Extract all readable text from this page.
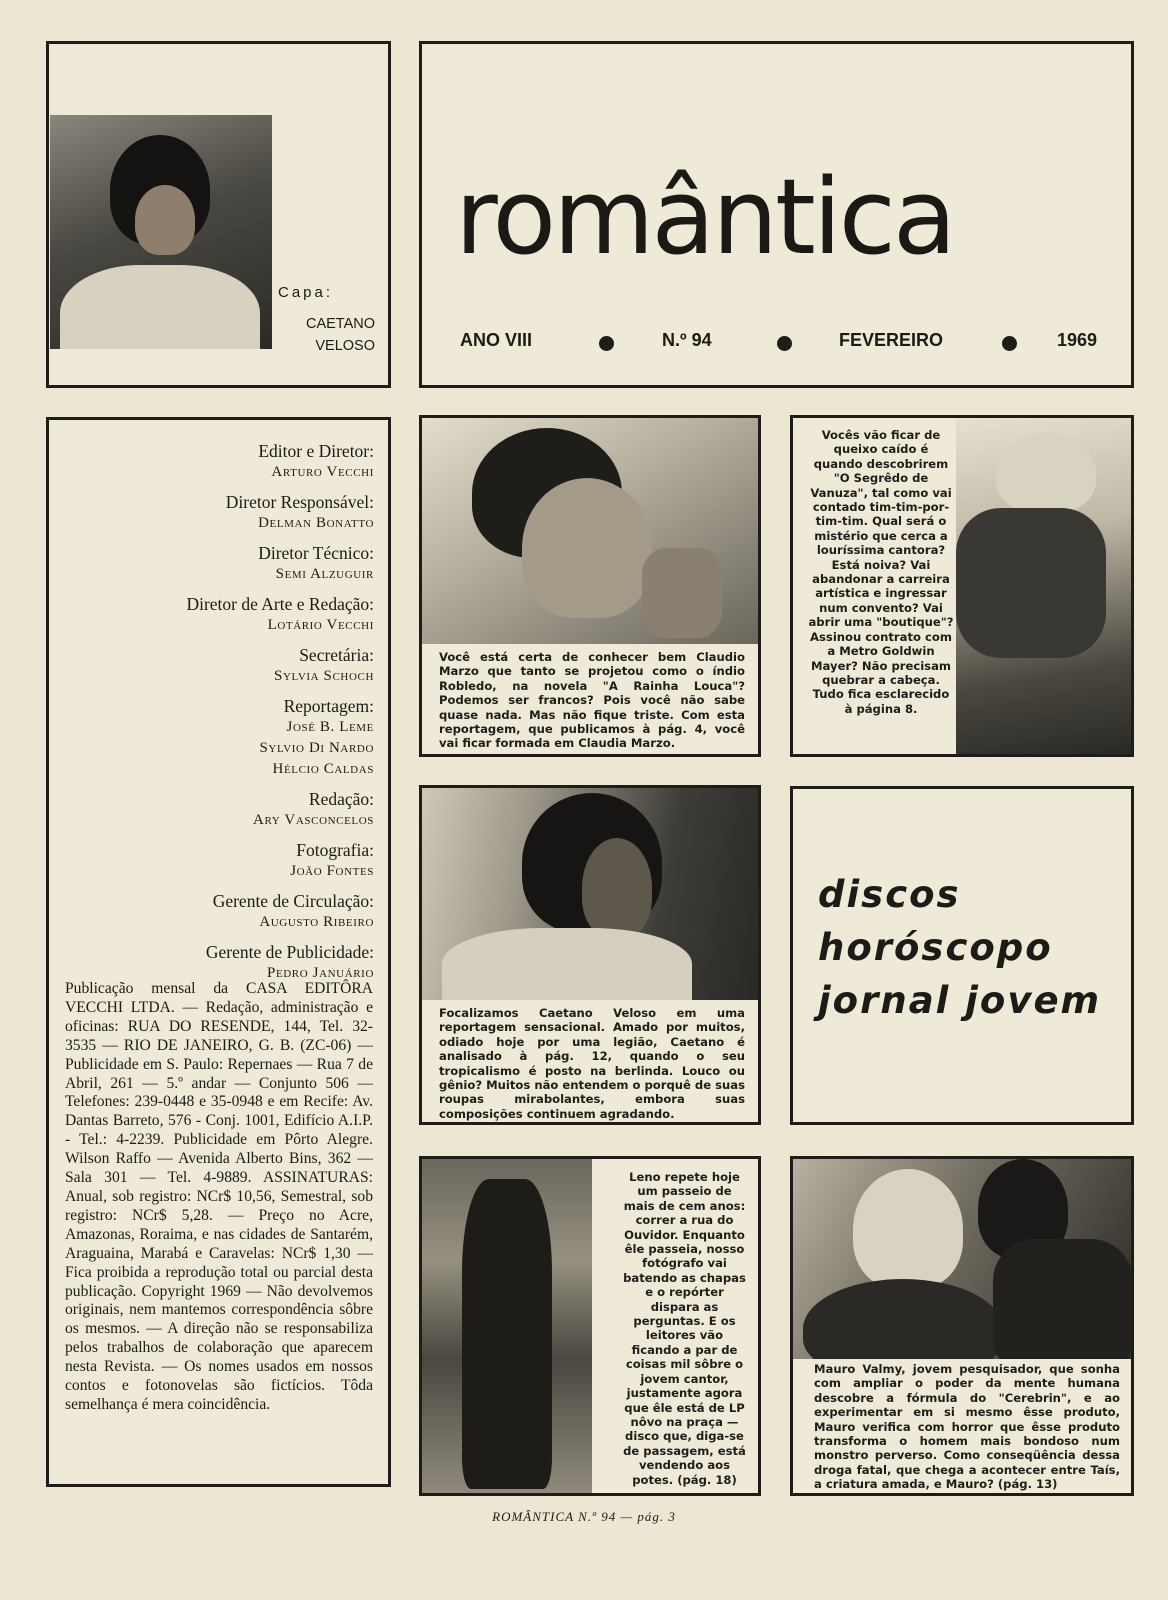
Capa:
CAETANO
VELOSO
romântica
ANO VIII	N.º 94	FEVEREIRO	1969
Editor e Diretor:
Arturo Vecchi
Diretor Responsável:
Delman Bonatto
Diretor Técnico:
Semi Alzuguir
Diretor de Arte e Redação:
Lotário Vecchi
Secretária:
Sylvia Schoch
Reportagem:
José B. Leme
Sylvio Di Nardo
Hélcio Caldas
Redação:
Ary Vasconcelos
Fotografia:
João Fontes
Gerente de Circulação:
Augusto Ribeiro
Gerente de Publicidade:
Pedro Januário
Publicação mensal da CASA EDITÔRA VECCHI LTDA. — Redação, administração e oficinas: RUA DO RESENDE, 144, Tel. 32-3535 — RIO DE JANEIRO, G. B. (ZC-06) — Publicidade em S. Paulo: Repernaes — Rua 7 de Abril, 261 — 5.º andar — Conjunto 506 — Telefones: 239-0448 e 35-0948 e em Recife: Av. Dantas Barreto, 576 - Conj. 1001, Edifício A.I.P. - Tel.: 4-2239. Publicidade em Pôrto Alegre. Wilson Raffo — Avenida Alberto Bins, 362 — Sala 301 — Tel. 4-9889. ASSINATURAS: Anual, sob registro: NCr$ 10,56, Semestral, sob registro: NCr$ 5,28. — Preço no Acre, Amazonas, Roraima, e nas cidades de Santarém, Araguaina, Marabá e Caravelas: NCr$ 1,30 — Fica proibida a reprodução total ou parcial desta publicação. Copyright 1969 — Não devolvemos originais, nem mantemos correspondência sôbre os mesmos. — A direção não se responsabiliza pelos trabalhos de colaboração que aparecem nesta Revista. — Os nomes usados em nossos contos e fotonovelas são fictícios. Tôda semelhança é mera coincidência.
Você está certa de conhecer bem Claudio Marzo que tanto se projetou como o índio Robledo, na novela "A Rainha Louca"? Podemos ser francos? Pois você não sabe quase nada. Mas não fique triste. Com esta reportagem, que publicamos à pág. 4, você vai ficar formada em Claudia Marzo.
Vocês vão ficar de queixo caído é quando descobrirem "O Segrêdo de Vanuza", tal como vai contado tim-tim-por-tim-tim. Qual será o mistério que cerca a louríssima cantora? Está noiva? Vai abandonar a carreira artística e ingressar num convento? Vai abrir uma "boutique"? Assinou contrato com a Metro Goldwin Mayer? Não precisam quebrar a cabeça. Tudo fica esclarecido à página 8.
Focalizamos Caetano Veloso em uma reportagem sensacional. Amado por muitos, odiado hoje por uma legião, Caetano é analisado à pág. 12, quando o seu tropicalismo é posto na berlinda. Louco ou gênio? Muitos não entendem o porquê de suas roupas mirabolantes, embora suas composições continuem agradando.
discos
horóscopo
jornal jovem
Leno repete hoje um passeio de mais de cem anos: correr a rua do Ouvidor. Enquanto êle passeia, nosso fotógrafo vai batendo as chapas e o repórter dispara as perguntas. E os leitores vão ficando a par de coisas mil sôbre o jovem cantor, justamente agora que êle está de LP nôvo na praça — disco que, diga-se de passagem, está vendendo aos potes. (pág. 18)
Mauro Valmy, jovem pesquisador, que sonha com ampliar o poder da mente humana descobre a fórmula do "Cerebrin", e ao experimentar em si mesmo êsse produto, Mauro verifica com horror que êsse produto transforma o homem mais bondoso num monstro perverso. Como conseqüência dessa droga fatal, que chega a acontecer entre Taís, a criatura amada, e Mauro? (pág. 13)
ROMÂNTICA N.º 94 — pág. 3
